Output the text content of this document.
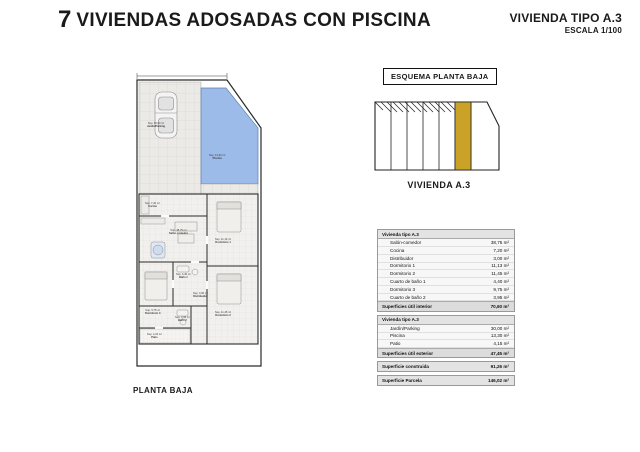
7 VIVIENDAS ADOSADAS CON PISCINA	VIVIENDA TIPO A.3
ESCALA 1/100
Sup. 13,30 m²
Piscina
Sup. 30,00 m²
Jardin/Parking
Sup. 38,75 m²
Salón-comedor
Sup. 7,20 m²
Cocina
Sup. 11,13 m²
Dormitorio 1
Sup. 11,45 m²
Dormitorio 2
Sup. 9,75 m²
Dormitorio 3
Sup. 4,40 m²
Baño 1
Sup. 3,95 m²
Baño 2
Sup. 3,00 m²
Distribuidor
Sup. 4,15 m²
Patio
PLANTA BAJA
ESQUEMA PLANTA BAJA
VIVIENDA A.3
Vivienda tipo A.3
Salón-comedor	38,75 m²
Cocina	7,20 m²
Distribuidor	3,00 m²
Dormitorio 1	11,13 m²
Dormitorio 2	11,45 m²
Cuarto de baño 1	4,40 m²
Dormitorio 3	9,75 m²
Cuarto de baño 2	3,95 m²
Superficies útil interior	70,60 m²
Vivienda tipo A.3
Jardín/Parking	30,00 m²
Piscina	13,30 m²
Patio	4,15 m²
Superficies útil exterior	47,45 m²
Superficie construida	91,26 m²
Superficie Parcela	146,02 m²
